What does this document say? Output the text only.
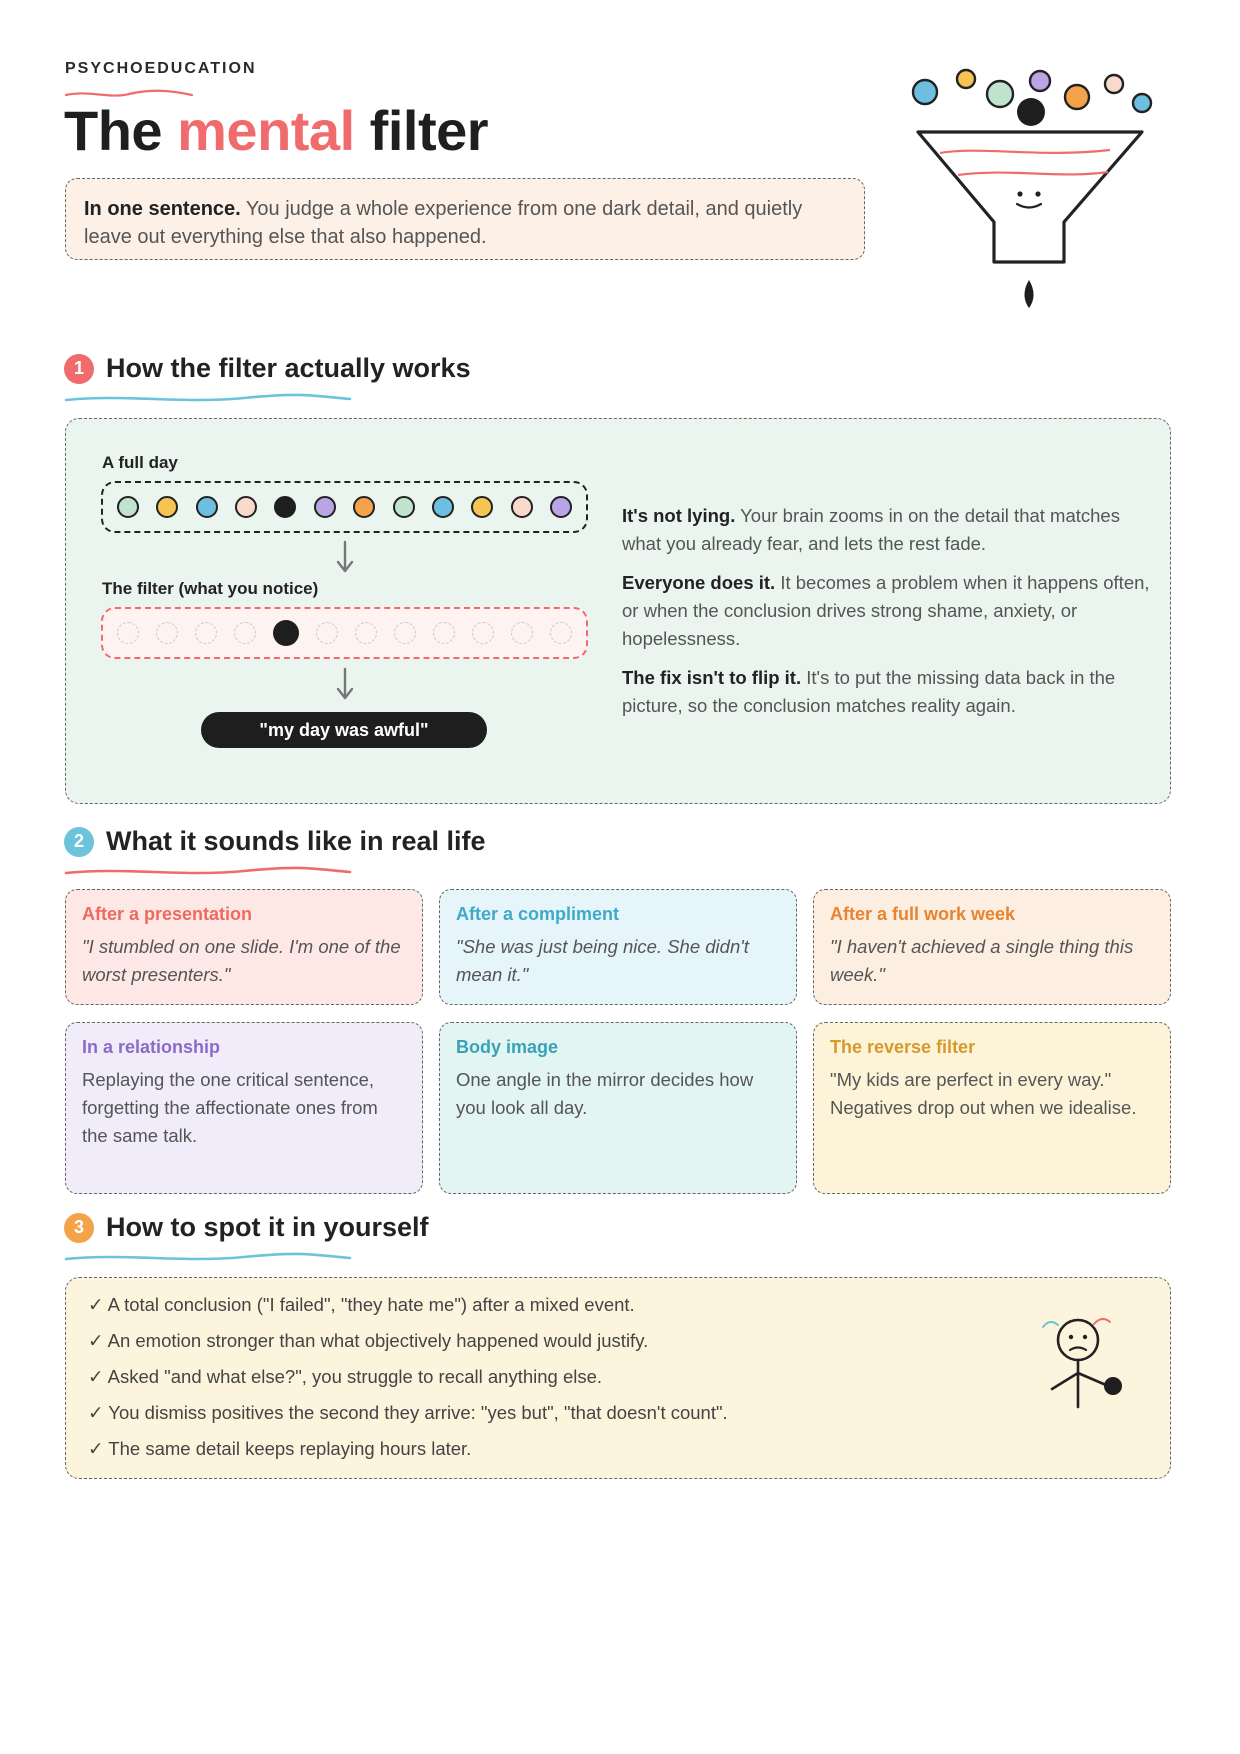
PSYCHOEDUCATION
The mental filter
In one sentence. You judge a whole experience from one dark detail, and quietly leave out everything else that also happened.
1 How the filter actually works
A full day
The filter (what you notice)
"my day was awful"
It's not lying. Your brain zooms in on the detail that matches what you already fear, and lets the rest fade.
Everyone does it. It becomes a problem when it happens often, or when the conclusion drives strong shame, anxiety, or hopelessness.
The fix isn't to flip it. It's to put the missing data back in the picture, so the conclusion matches reality again.
2 What it sounds like in real life
After a presentation
"I stumbled on one slide. I'm one of the worst presenters."
After a compliment
"She was just being nice. She didn't mean it."
After a full work week
"I haven't achieved a single thing this week."
In a relationship
Replaying the one critical sentence, forgetting the affectionate ones from the same talk.
Body image
One angle in the mirror decides how you look all day.
The reverse filter
"My kids are perfect in every way." Negatives drop out when we idealise.
3 How to spot it in yourself
✓ A total conclusion ("I failed", "they hate me") after a mixed event.
✓ An emotion stronger than what objectively happened would justify.
✓ Asked "and what else?", you struggle to recall anything else.
✓ You dismiss positives the second they arrive: "yes but", "that doesn't count".
✓ The same detail keeps replaying hours later.
